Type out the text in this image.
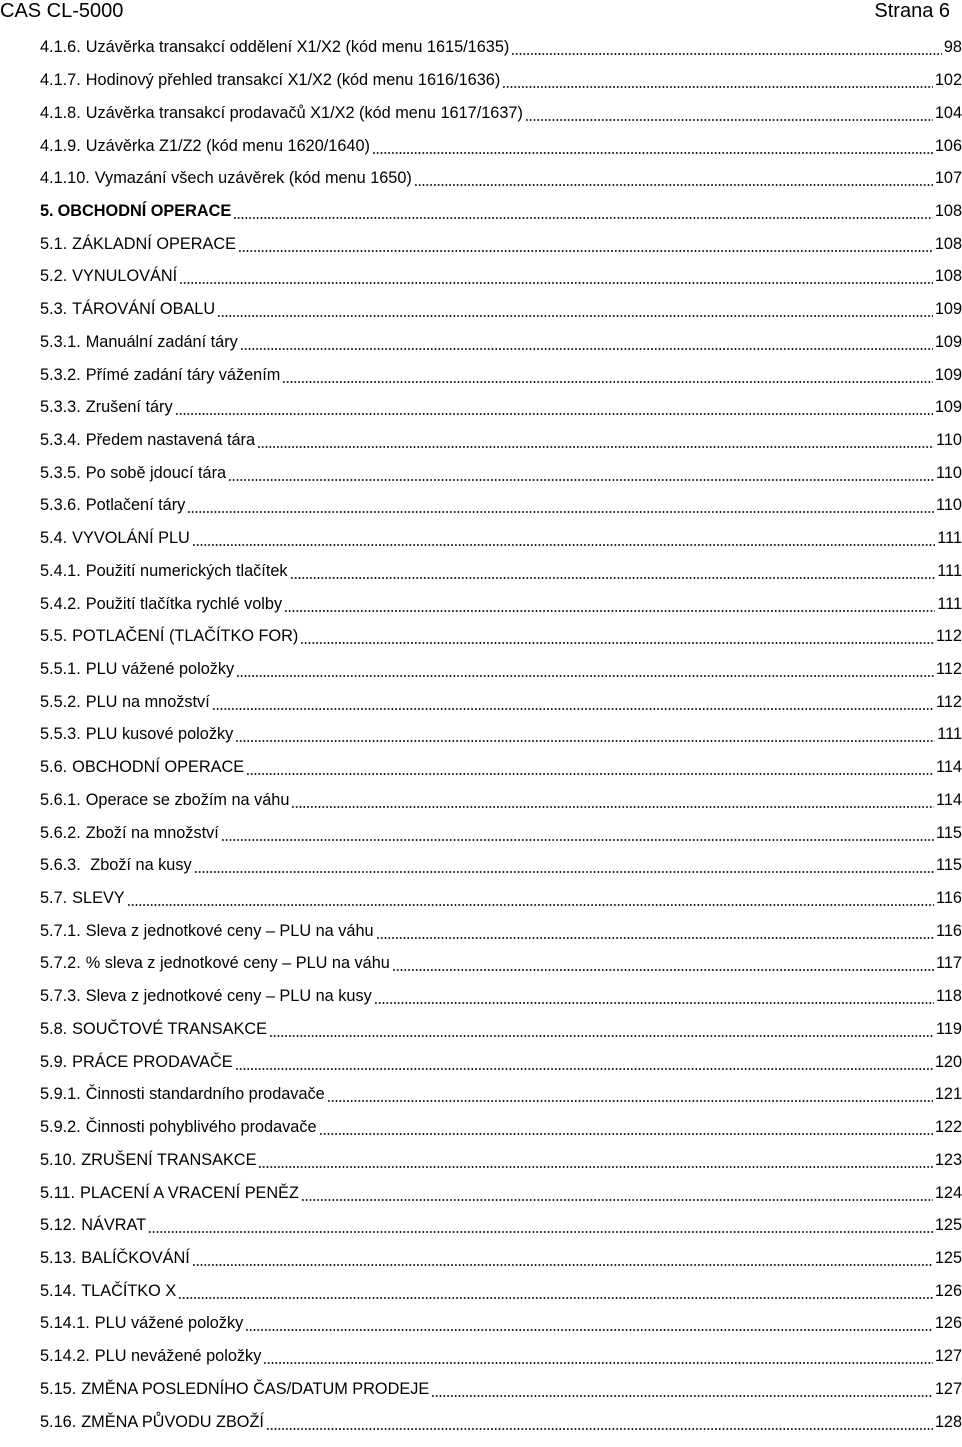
CAS CL-5000	Strana 6
4.1.6. Uzávěrka transakcí oddělení X1/X2 (kód menu 1615/1635)	98
4.1.7. Hodinový přehled transakcí X1/X2 (kód menu 1616/1636)	102
4.1.8. Uzávěrka transakcí prodavačů X1/X2 (kód menu 1617/1637)	104
4.1.9. Uzávěrka Z1/Z2 (kód menu 1620/1640)	106
4.1.10. Vymazání všech uzávěrek (kód menu 1650)	107
5. OBCHODNÍ OPERACE	108
5.1. ZÁKLADNÍ OPERACE	108
5.2. VYNULOVÁNÍ	108
5.3. TÁROVÁNÍ OBALU	109
5.3.1. Manuální zadání táry	109
5.3.2. Přímé zadání táry vážením	109
5.3.3. Zrušení táry	109
5.3.4. Předem nastavená tára	110
5.3.5. Po sobě jdoucí tára	110
5.3.6. Potlačení táry	110
5.4. VYVOLÁNÍ PLU	111
5.4.1. Použití numerických tlačítek	111
5.4.2. Použití tlačítka rychlé volby	111
5.5. POTLAČENÍ (TLAČÍTKO FOR)	112
5.5.1. PLU vážené položky	112
5.5.2. PLU na množství	112
5.5.3. PLU kusové položky	111
5.6. OBCHODNÍ OPERACE	114
5.6.1. Operace se zbožím na váhu	114
5.6.2. Zboží na množství	115
5.6.3. Zboží na kusy	115
5.7. SLEVY	116
5.7.1. Sleva z jednotkové ceny – PLU na váhu	116
5.7.2. % sleva z jednotkové ceny – PLU na váhu	117
5.7.3. Sleva z jednotkové ceny – PLU na kusy	118
5.8. SOUČTOVÉ TRANSAKCE	119
5.9. PRÁCE PRODAVAČE	120
5.9.1. Činnosti standardního prodavače	121
5.9.2. Činnosti pohyblivého prodavače	122
5.10. ZRUŠENÍ TRANSAKCE	123
5.11. PLACENÍ A VRACENÍ PENĚZ	124
5.12. NÁVRAT	125
5.13. BALÍČKOVÁNÍ	125
5.14. TLAČÍTKO X	126
5.14.1. PLU vážené položky	126
5.14.2. PLU nevážené položky	127
5.15. ZMĚNA POSLEDNÍHO ČAS/DATUM PRODEJE	127
5.16. ZMĚNA PŮVODU ZBOŽÍ	128
